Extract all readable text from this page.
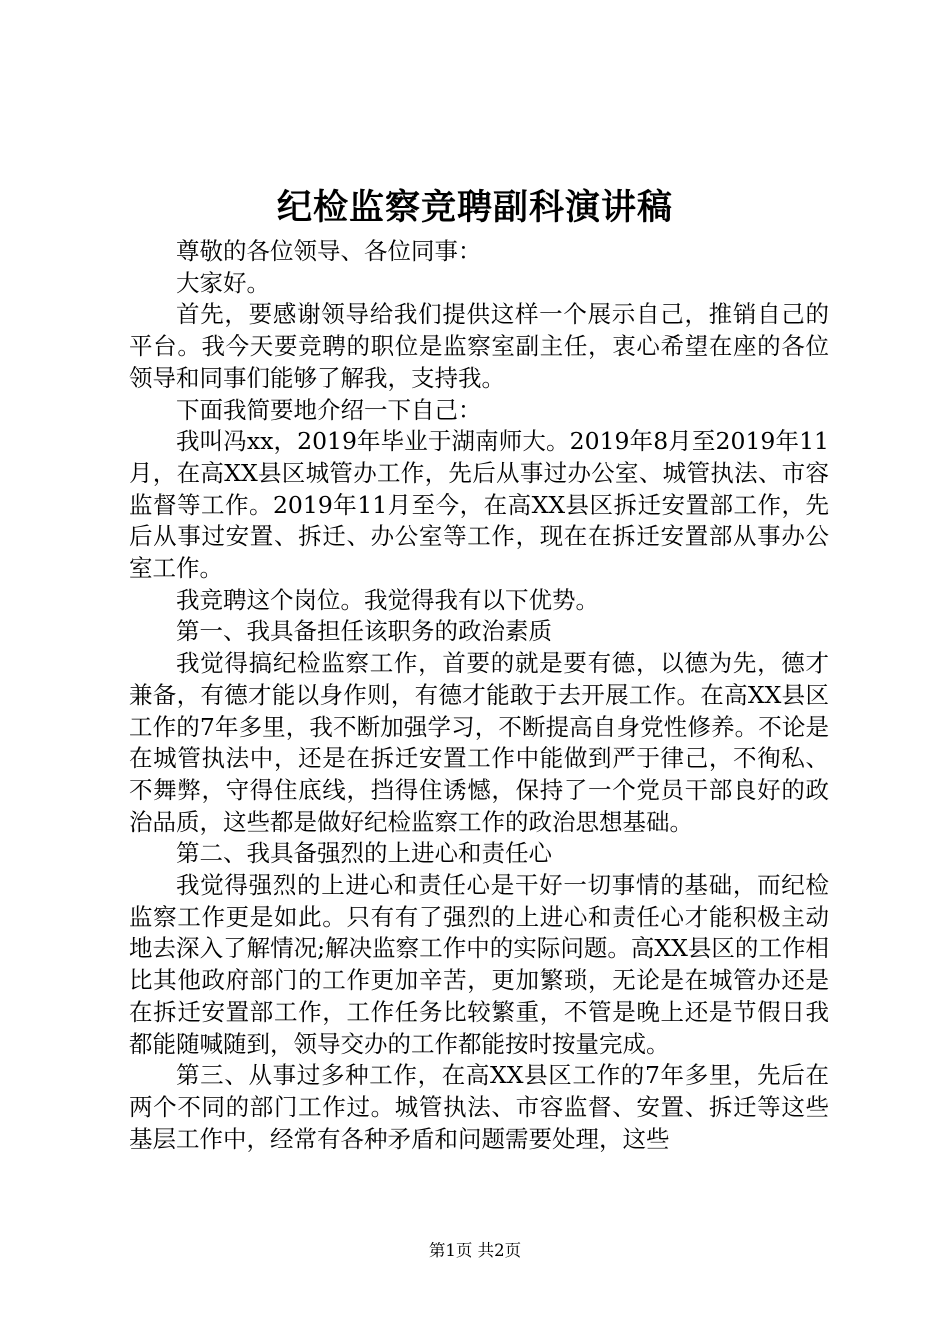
纪检监察竞聘副科演讲稿

尊敬的各位领导、各位同事：

大家好。

首先，要感谢领导给我们提供这样一个展示自己，推销自己的平台。我今天要竞聘的职位是监察室副主任，衷心希望在座的各位领导和同事们能够了解我，支持我。

下面我简要地介绍一下自己：

我叫冯xx，2019年毕业于湖南师大。2019年8月至2019年11月，在高XX县区城管办工作，先后从事过办公室、城管执法、市容监督等工作。2019年11月至今，在高XX县区拆迁安置部工作，先后从事过安置、拆迁、办公室等工作，现在在拆迁安置部从事办公室工作。

我竞聘这个岗位。我觉得我有以下优势。

第一、我具备担任该职务的政治素质

我觉得搞纪检监察工作，首要的就是要有德，以德为先，德才兼备，有德才能以身作则，有德才能敢于去开展工作。在高XX县区工作的7年多里，我不断加强学习，不断提高自身党性修养。不论是在城管执法中，还是在拆迁安置工作中能做到严于律己，不徇私、不舞弊，守得住底线，挡得住诱憾，保持了一个党员干部良好的政治品质，这些都是做好纪检监察工作的政治思想基础。

第二、我具备强烈的上进心和责任心

我觉得强烈的上进心和责任心是干好一切事情的基础，而纪检监察工作更是如此。只有有了强烈的上进心和责任心才能积极主动地去深入了解情况;解决监察工作中的实际问题。高XX县区的工作相比其他政府部门的工作更加辛苦，更加繁琐，无论是在城管办还是在拆迁安置部工作，工作任务比较繁重，不管是晚上还是节假日我都能随喊随到，领导交办的工作都能按时按量完成。

第三、从事过多种工作，在高XX县区工作的7年多里，先后在两个不同的部门工作过。城管执法、市容监督、安置、拆迁等这些基层工作中，经常有各种矛盾和问题需要处理，这些

第1页 共2页
